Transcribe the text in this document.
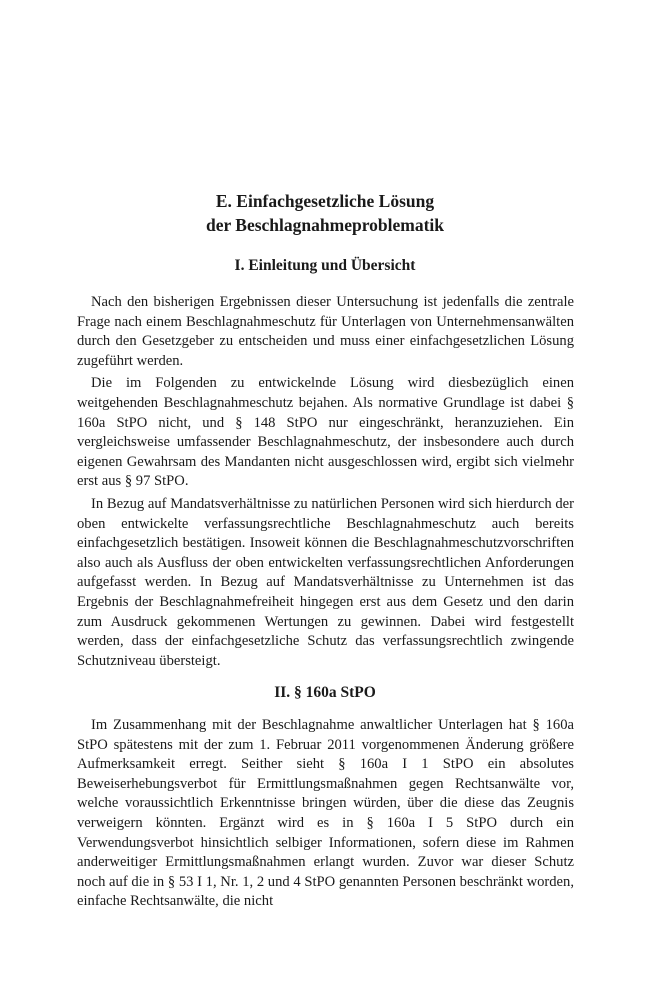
E. Einfachgesetzliche Lösung
der Beschlagnahmeproblematik
I. Einleitung und Übersicht

Nach den bisherigen Ergebnissen dieser Untersuchung ist jedenfalls die zentrale Frage nach einem Beschlagnahmeschutz für Unterlagen von Unternehmensanwälten durch den Gesetzgeber zu entscheiden und muss einer einfachgesetzlichen Lösung zugeführt werden.

Die im Folgenden zu entwickelnde Lösung wird diesbezüglich einen weitgehenden Beschlagnahmeschutz bejahen. Als normative Grundlage ist dabei § 160a StPO nicht, und § 148 StPO nur eingeschränkt, heranzuziehen. Ein vergleichsweise umfassender Beschlagnahmeschutz, der insbesondere auch durch eigenen Gewahrsam des Mandanten nicht ausgeschlossen wird, ergibt sich vielmehr erst aus § 97 StPO.

In Bezug auf Mandatsverhältnisse zu natürlichen Personen wird sich hierdurch der oben entwickelte verfassungsrechtliche Beschlagnahmeschutz auch bereits einfachgesetzlich bestätigen. Insoweit können die Beschlagnahmeschutzvorschriften also auch als Ausfluss der oben entwickelten verfassungsrechtlichen Anforderungen aufgefasst werden. In Bezug auf Mandatsverhältnisse zu Unternehmen ist das Ergebnis der Beschlagnahmefreiheit hingegen erst aus dem Gesetz und den darin zum Ausdruck gekommenen Wertungen zu gewinnen. Dabei wird festgestellt werden, dass der einfachgesetzliche Schutz das verfassungsrechtlich zwingende Schutzniveau übersteigt.

II. § 160a StPO

Im Zusammenhang mit der Beschlagnahme anwaltlicher Unterlagen hat § 160a StPO spätestens mit der zum 1. Februar 2011 vorgenommenen Änderung größere Aufmerksamkeit erregt. Seither sieht § 160a I 1 StPO ein absolutes Beweiserhebungsverbot für Ermittlungsmaßnahmen gegen Rechtsanwälte vor, welche voraussichtlich Erkenntnisse bringen würden, über die diese das Zeugnis verweigern könnten. Ergänzt wird es in § 160a I 5 StPO durch ein Verwendungsverbot hinsichtlich selbiger Informationen, sofern diese im Rahmen anderweitiger Ermittlungsmaßnahmen erlangt wurden. Zuvor war dieser Schutz noch auf die in § 53 I 1, Nr. 1, 2 und 4 StPO genannten Personen beschränkt worden, einfache Rechtsanwälte, die nicht
